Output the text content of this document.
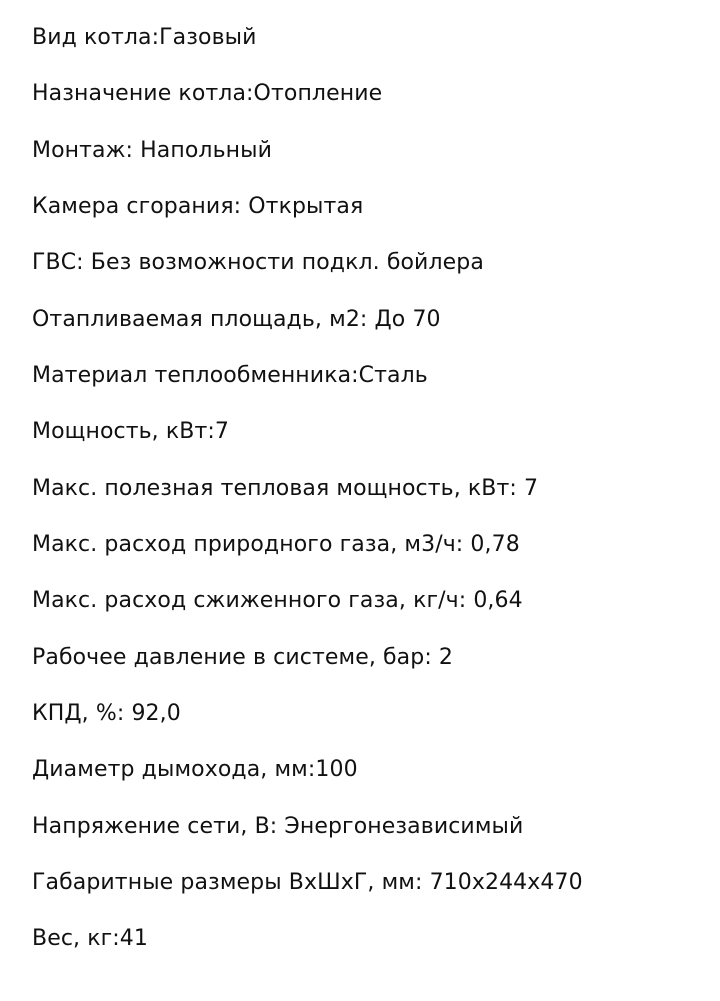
Вид котла:Газовый
Назначение котла:Отопление
Монтаж: Напольный
Камера сгорания: Открытая
ГВС: Без возможности подкл. бойлера
Отапливаемая площадь, м2: До 70
Материал теплообменника:Сталь
Мощность, кВт:7
Макс. полезная тепловая мощность, кВт: 7
Макс. расход природного газа, м3/ч: 0,78
Макс. расход сжиженного газа, кг/ч: 0,64
Рабочее давление в системе, бар: 2
КПД, %: 92,0
Диаметр дымохода, мм:100
Напряжение сети, В: Энергонезависимый
Габаритные размеры ВхШхГ, мм: 710х244х470
Вес, кг:41
